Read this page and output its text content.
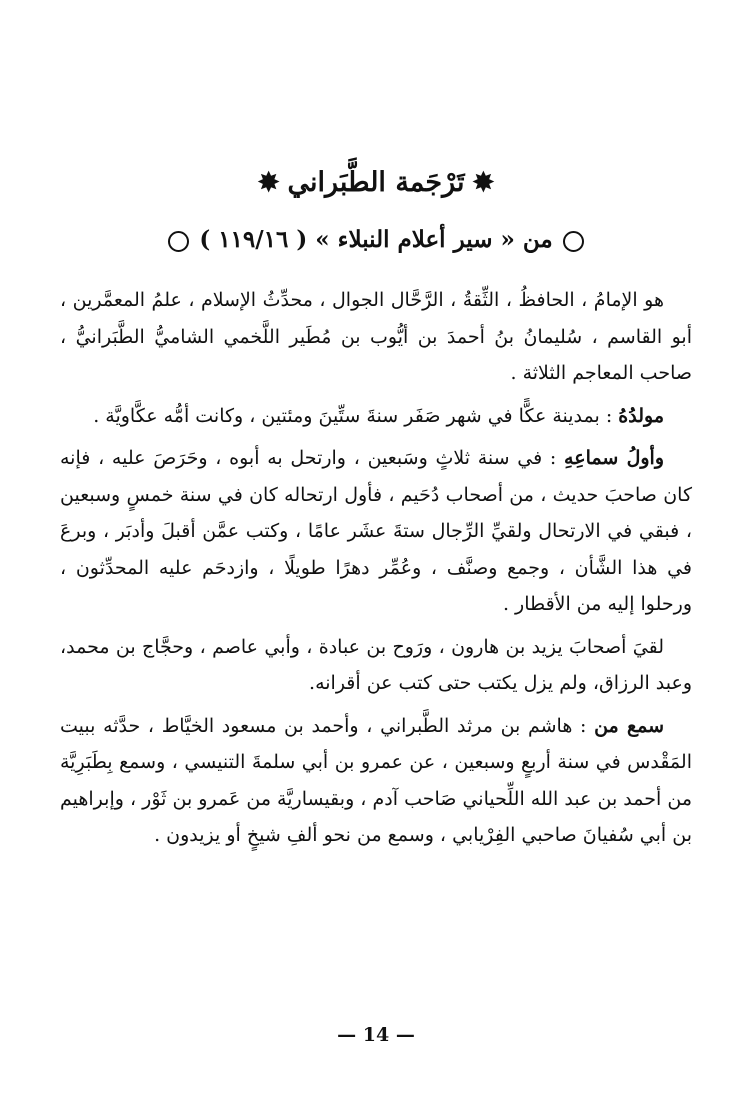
✸تَرْجَمة الطَّبَراني✸
من « سير أعلام النبلاء » ( ١١٩/١٦ )

هو الإمامُ ، الحافظُ ، الثِّقةُ ، الرَّحَّال الجوال ، محدِّثُ الإسلام ، علمُ المعمَّرين ، أبو القاسم ، سُليمانُ بنُ أحمدَ بن أيُّوب بن مُطَير اللَّخمي الشاميُّ الطَّبَرانيُّ ، صاحب المعاجم الثلاثة .

مولدُهُ : بمدينة عكًّا في شهر صَفَر سنةَ ستِّينَ ومئتين ، وكانت أمُّه عكَّاويَّة .

وأولُ سماعِهِ : في سنة ثلاثٍ وسَبعين ، وارتحل به أبوه ، وحَرَصَ عليه ، فإنه كان صاحبَ حديث ، من أصحاب دُحَيم ، فأول ارتحاله كان في سنة خمسٍ وسبعين ، فبقي في الارتحال ولقيِّ الرِّجال ستةَ عشَر عامًا ، وكتب عمَّن أقبلَ وأدبَر ، وبرعَ في هذا الشَّأن ، وجمع وصنَّف ، وعُمِّر دهرًا طويلًا ، وازدحَم عليه المحدِّثون ، ورحلوا إليه من الأقطار .

لقيَ أصحابَ يزيد بن هارون ، ورَوح بن عبادة ، وأبي عاصم ، وحجَّاج بن محمد، وعبد الرزاق، ولم يزل يكتب حتى كتب عن أقرانه.

سمع من : هاشم بن مرثد الطَّبراني ، وأحمد بن مسعود الخيَّاط ، حدَّثه ببيت المَقْدس في سنة أربعٍ وسبعين ، عن عمرو بن أبي سلمةَ التنيسي ، وسمع بِطَبَرِيَّة من أحمد بن عبد الله اللِّحياني صَاحب آدم ، وبقيساريَّة من عَمرو بن ثَوْر ، وإبراهيم بن أبي سُفيانَ صاحبي الفِرْيابي ، وسمع من نحو ألفِ شيخٍ أو يزيدون .

— 14 —
